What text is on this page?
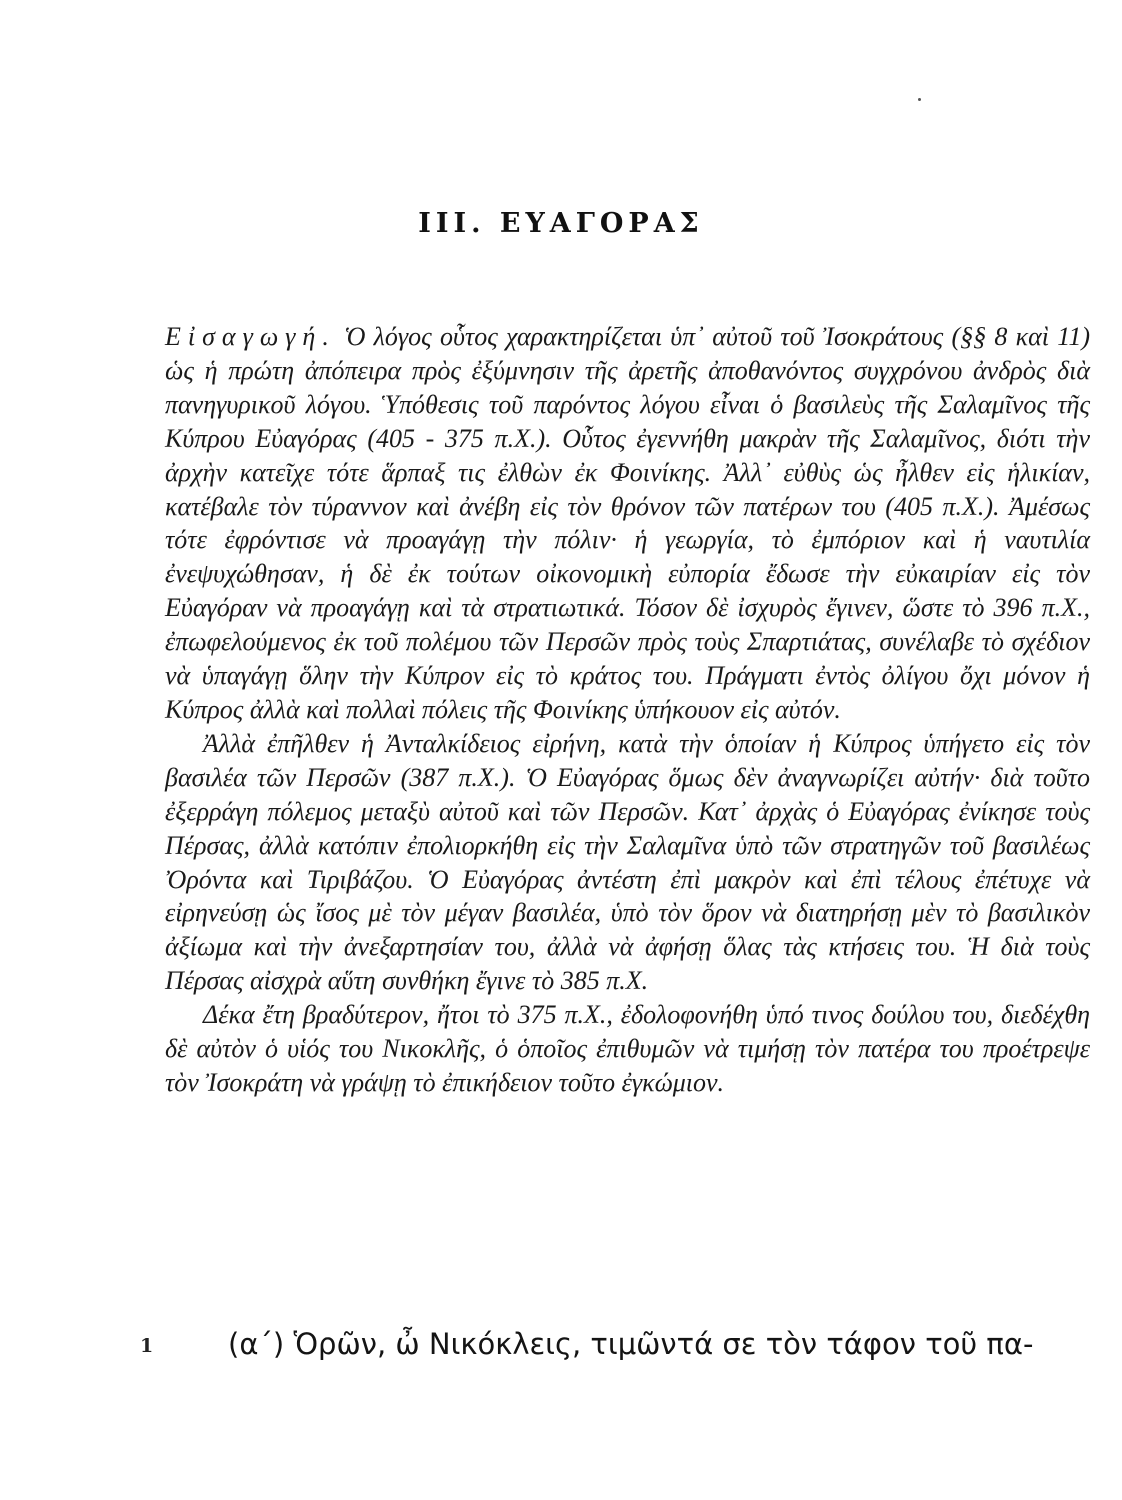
III. ΕΥΑΓΟΡΑΣ

Εἰσαγωγή. Ὁ λόγος οὗτος χαρακτηρίζεται ὑπ᾽ αὐτοῦ τοῦ Ἰσοκράτους (§§ 8 καὶ 11) ὡς ἡ πρώτη ἀπόπειρα πρὸς ἐξύμνησιν τῆς ἀρετῆς ἀποθανόντος συγχρόνου ἀνδρὸς διὰ πανηγυρικοῦ λόγου. Ὑπόθεσις τοῦ παρόντος λόγου εἶναι ὁ βασιλεὺς τῆς Σαλαμῖνος τῆς Κύπρου Εὐαγόρας (405 - 375 π.Χ.). Οὗτος ἐγεννήθη μακρὰν τῆς Σαλαμῖνος, διότι τὴν ἀρχὴν κατεῖχε τότε ἅρπαξ τις ἐλθὼν ἐκ Φοινίκης. Ἀλλ᾽ εὐθὺς ὡς ἦλθεν εἰς ἡλικίαν, κατέβαλε τὸν τύραννον καὶ ἀνέβη εἰς τὸν θρόνον τῶν πατέρων του (405 π.Χ.). Ἀμέσως τότε ἐφρόντισε νὰ προαγάγῃ τὴν πόλιν· ἡ γεωργία, τὸ ἐμπόριον καὶ ἡ ναυτιλία ἐνεψυχώθησαν, ἡ δὲ ἐκ τούτων οἰκονομικὴ εὐπορία ἔδωσε τὴν εὐκαιρίαν εἰς τὸν Εὐαγόραν νὰ προαγάγῃ καὶ τὰ στρατιωτικά. Τόσον δὲ ἰσχυρὸς ἔγινεν, ὥστε τὸ 396 π.Χ., ἐπωφελούμενος ἐκ τοῦ πολέμου τῶν Περσῶν πρὸς τοὺς Σπαρτιάτας, συνέλαβε τὸ σχέδιον νὰ ὑπαγάγῃ ὅλην τὴν Κύπρον εἰς τὸ κράτος του. Πράγματι ἐντὸς ὀλίγου ὄχι μόνον ἡ Κύπρος ἀλλὰ καὶ πολλαὶ πόλεις τῆς Φοινίκης ὑπήκουον εἰς αὐτόν.

Ἀλλὰ ἐπῆλθεν ἡ Ἀνταλκίδειος εἰρήνη, κατὰ τὴν ὁποίαν ἡ Κύπρος ὑπήγετο εἰς τὸν βασιλέα τῶν Περσῶν (387 π.Χ.). Ὁ Εὐαγόρας ὅμως δὲν ἀναγνωρίζει αὐτήν· διὰ τοῦτο ἐξερράγη πόλεμος μεταξὺ αὐτοῦ καὶ τῶν Περσῶν. Κατ᾽ ἀρχὰς ὁ Εὐαγόρας ἐνίκησε τοὺς Πέρσας, ἀλλὰ κατόπιν ἐπολιορκήθη εἰς τὴν Σαλαμῖνα ὑπὸ τῶν στρατηγῶν τοῦ βασιλέως Ὀρόντα καὶ Τιριβάζου. Ὁ Εὐαγόρας ἀντέστη ἐπὶ μακρὸν καὶ ἐπὶ τέλους ἐπέτυχε νὰ εἰρηνεύσῃ ὡς ἴσος μὲ τὸν μέγαν βασιλέα, ὑπὸ τὸν ὅρον νὰ διατηρήσῃ μὲν τὸ βασιλικὸν ἀξίωμα καὶ τὴν ἀνεξαρτησίαν του, ἀλλὰ νὰ ἀφήσῃ ὅλας τὰς κτήσεις του. Ἡ διὰ τοὺς Πέρσας αἰσχρὰ αὕτη συνθήκη ἔγινε τὸ 385 π.Χ.

Δέκα ἔτη βραδύτερον, ἤτοι τὸ 375 π.Χ., ἐδολοφονήθη ὑπό τινος δούλου του, διεδέχθη δὲ αὐτὸν ὁ υἱός του Νικοκλῆς, ὁ ὁποῖος ἐπιθυμῶν νὰ τιμήσῃ τὸν πατέρα του προέτρεψε τὸν Ἰσοκράτη νὰ γράψῃ τὸ ἐπικήδειον τοῦτο ἐγκώμιον.

1	(α΄) Ὁρῶν, ὦ Νικόκλεις, τιμῶντά σε τὸν τάφον τοῦ πα-
